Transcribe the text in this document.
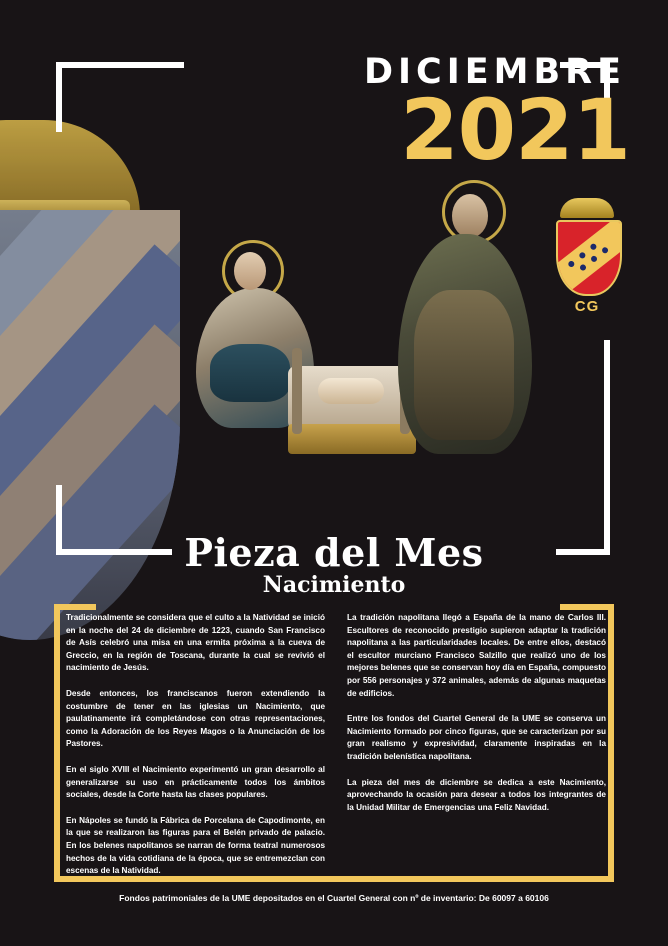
DICIEMBRE
2021
CG
Pieza del Mes
Nacimiento

Tradicionalmente se considera que el culto a la Natividad se inició en la noche del 24 de diciembre de 1223, cuando San Francisco de Asís celebró una misa en una ermita próxima a la cueva de Greccio, en la región de Toscana, durante la cual se revivió el nacimiento de Jesús.

Desde entonces, los franciscanos fueron extendiendo la costumbre de tener en las iglesias un Nacimiento, que paulatinamente irá completándose con otras representaciones, como la Adoración de los Reyes Magos o la Anunciación de los Pastores.

En el siglo XVIII el Nacimiento experimentó un gran desarrollo al generalizarse su uso en prácticamente todos los ámbitos sociales, desde la Corte hasta las clases populares.

En Nápoles se fundó la Fábrica de Porcelana de Capodimonte, en la que se realizaron las figuras para el Belén privado de palacio. En los belenes napolitanos se narran de forma teatral numerosos hechos de la vida cotidiana de la época, que se entremezclan con escenas de la Natividad.

La tradición napolitana llegó a España de la mano de Carlos III. Escultores de reconocido prestigio supieron adaptar la tradición napolitana a las particularidades locales. De entre ellos, destacó el escultor murciano Francisco Salzillo que realizó uno de los mejores belenes que se conservan hoy día en España, compuesto por 556 personajes y 372 animales, además de algunas maquetas de edificios.

Entre los fondos del Cuartel General de la UME se conserva un Nacimiento formado por cinco figuras, que se caracterizan por su gran realismo y expresividad, claramente inspiradas en la tradición belenística napolitana.

La pieza del mes de diciembre se dedica a este Nacimiento, aprovechando la ocasión para desear a todos los integrantes de la Unidad Militar de Emergencias una Feliz Navidad.

Fondos patrimoniales de la UME depositados en el Cuartel General con nº de inventario: De 60097 a 60106
